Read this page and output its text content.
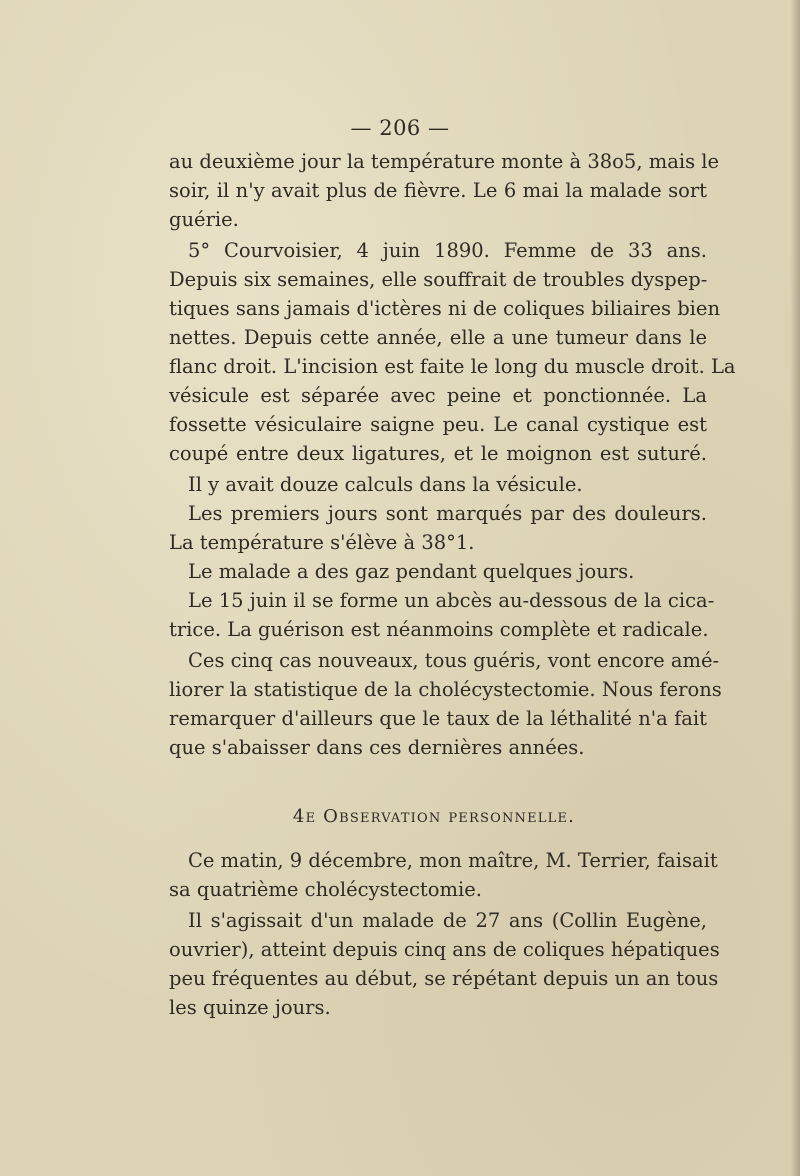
— 206 —
au deuxième jour la température monte à 38o5, mais le
soir, il n'y avait plus de fièvre. Le 6 mai la malade sort
guérie.
5° Courvoisier, 4 juin 1890. Femme de 33 ans.
Depuis six semaines, elle souffrait de troubles dyspep-
tiques sans jamais d'ictères ni de coliques biliaires bien
nettes. Depuis cette année, elle a une tumeur dans le
flanc droit. L'incision est faite le long du muscle droit. La
vésicule est séparée avec peine et ponctionnée. La
fossette vésiculaire saigne peu. Le canal cystique est
coupé entre deux ligatures, et le moignon est suturé.
Il y avait douze calculs dans la vésicule.
Les premiers jours sont marqués par des douleurs.
La température s'élève à 38°1.
Le malade a des gaz pendant quelques jours.
Le 15 juin il se forme un abcès au-dessous de la cica-
trice. La guérison est néanmoins complète et radicale.
Ces cinq cas nouveaux, tous guéris, vont encore amé-
liorer la statistique de la cholécystectomie. Nous ferons
remarquer d'ailleurs que le taux de la léthalité n'a fait
que s'abaisser dans ces dernières années.
4e Observation personnelle.
Ce matin, 9 décembre, mon maître, M. Terrier, faisait
sa quatrième cholécystectomie.
Il s'agissait d'un malade de 27 ans (Collin Eugène,
ouvrier), atteint depuis cinq ans de coliques hépatiques
peu fréquentes au début, se répétant depuis un an tous
les quinze jours.
